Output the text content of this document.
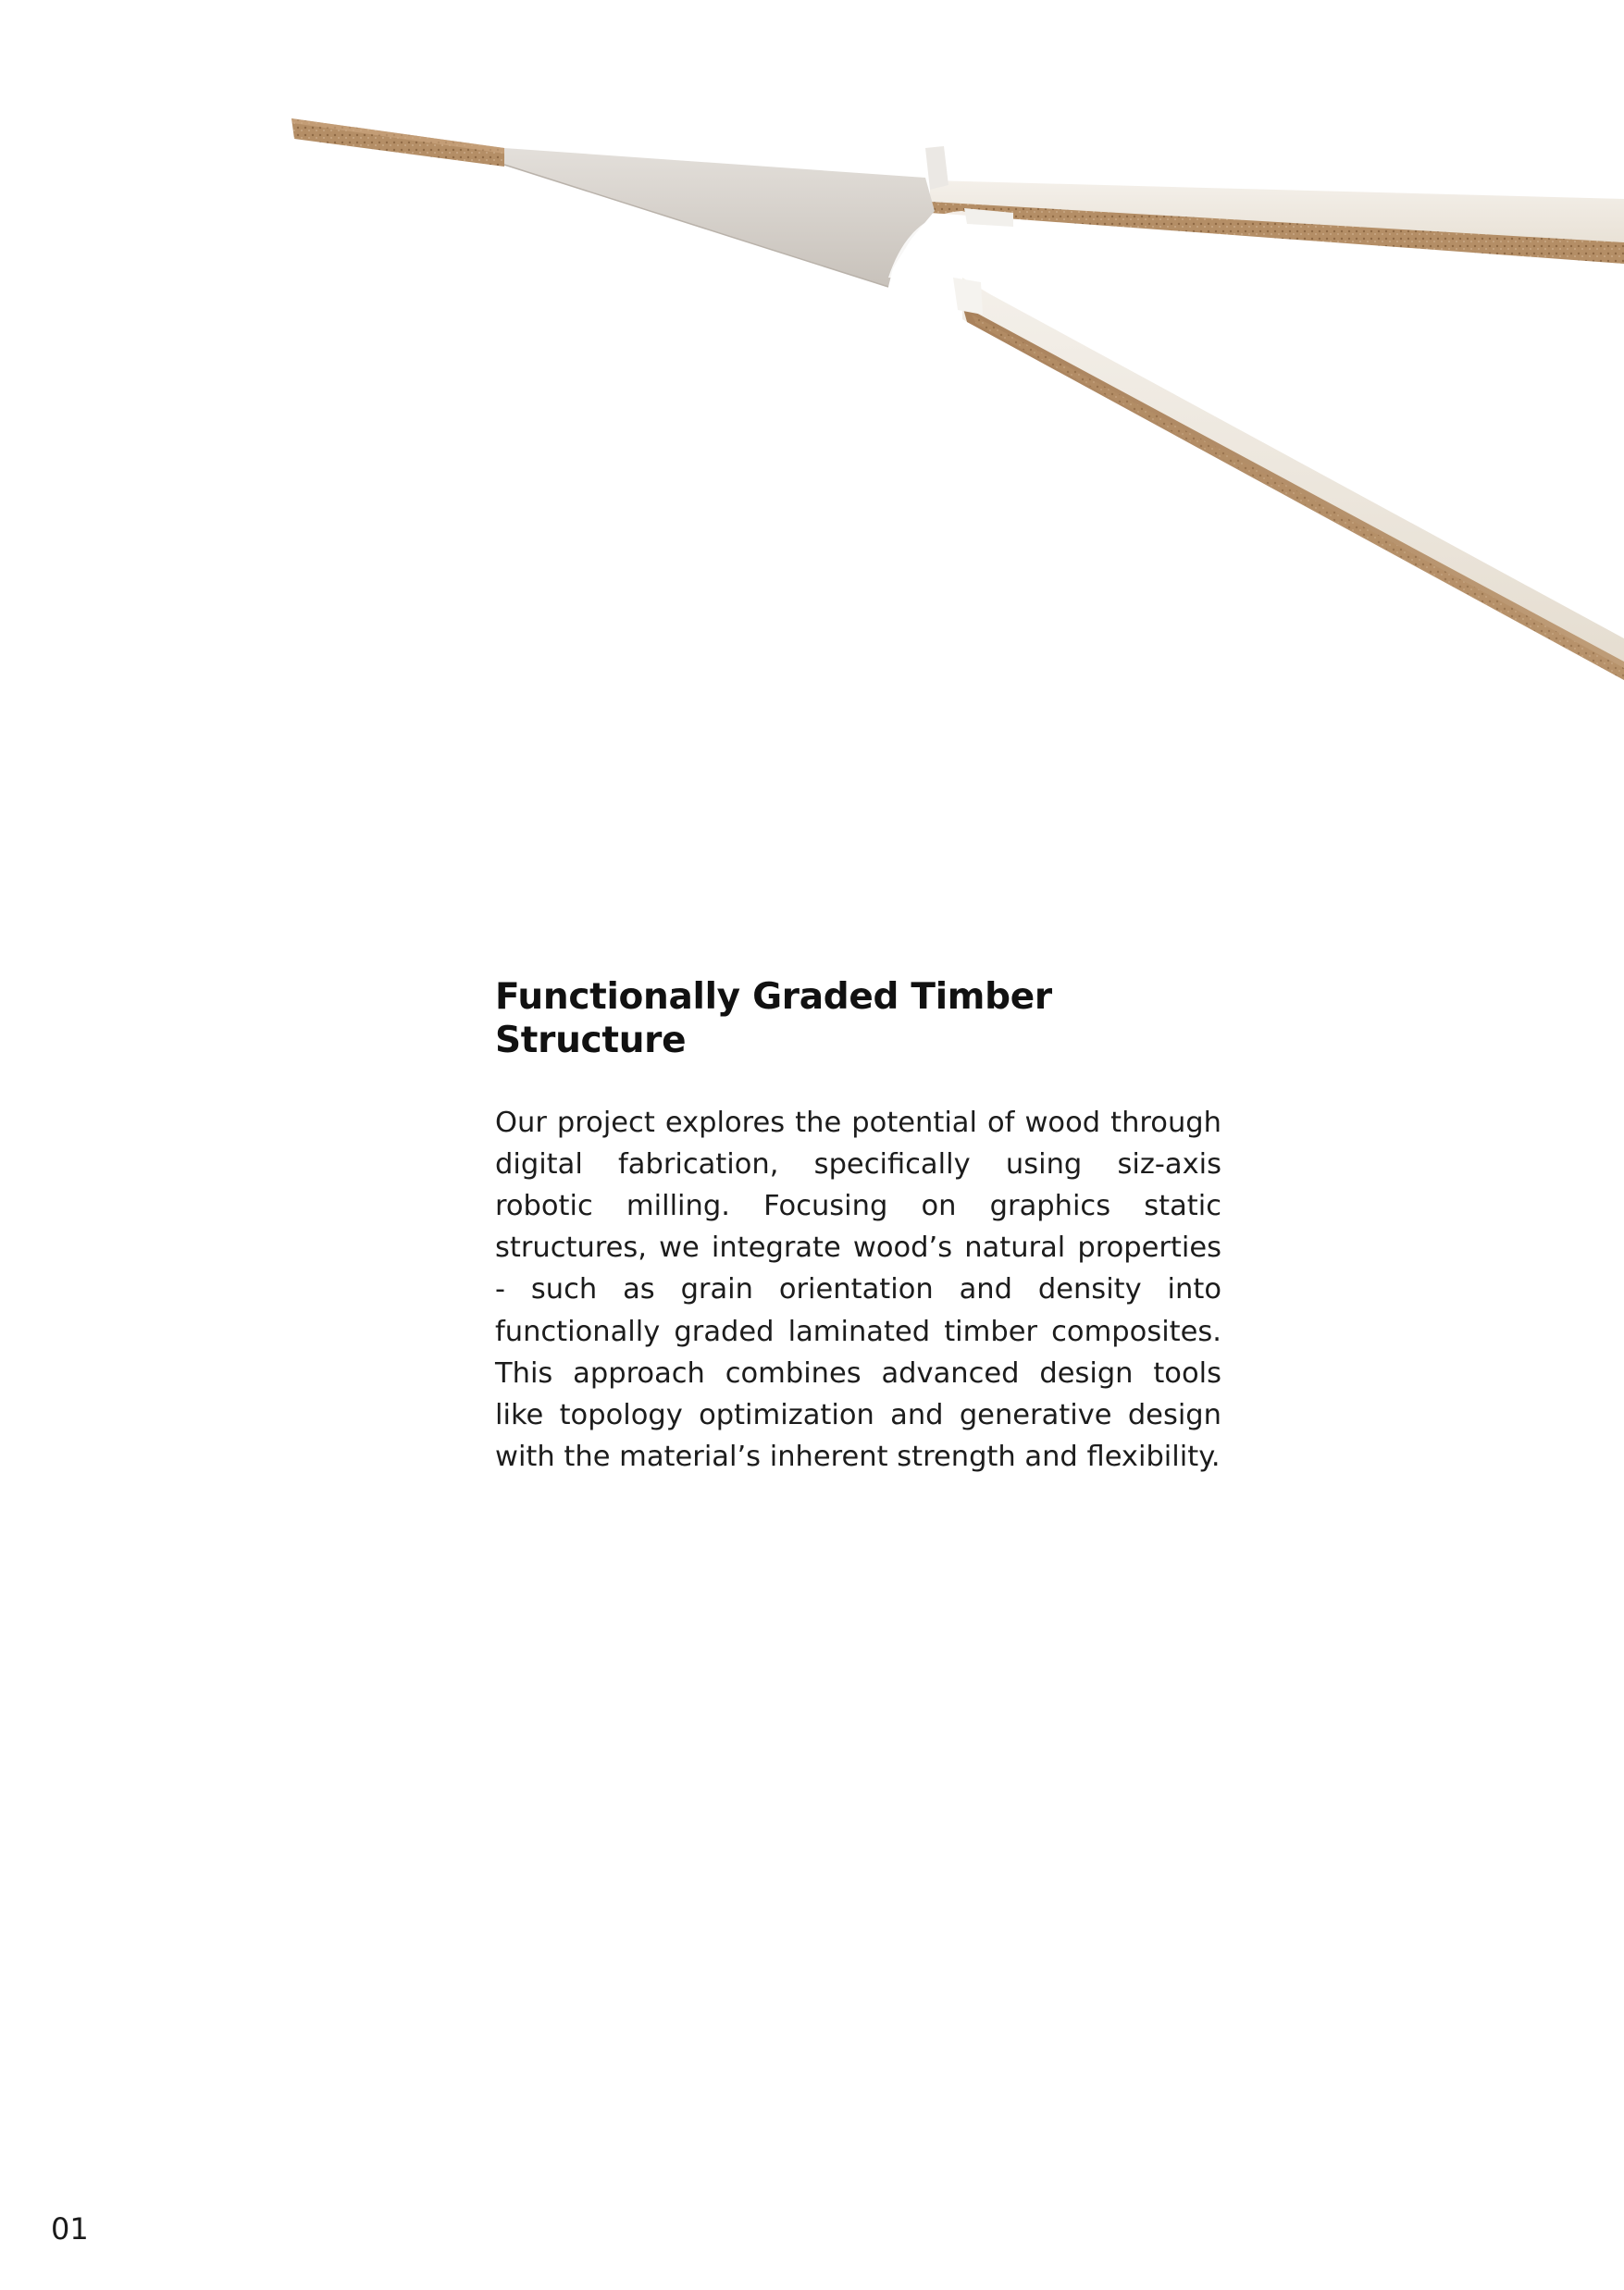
Functionally Graded Timber Structure

Our project explores the potential of wood through digital fabrication, specifically using siz-axis robotic milling. Focusing on graphics static structures, we integrate wood’s natural properties - such as grain orientation and density into functionally graded laminated timber composites. This approach combines advanced design tools like topology optimization and generative design with the material’s inherent strength and flexibility.

01
